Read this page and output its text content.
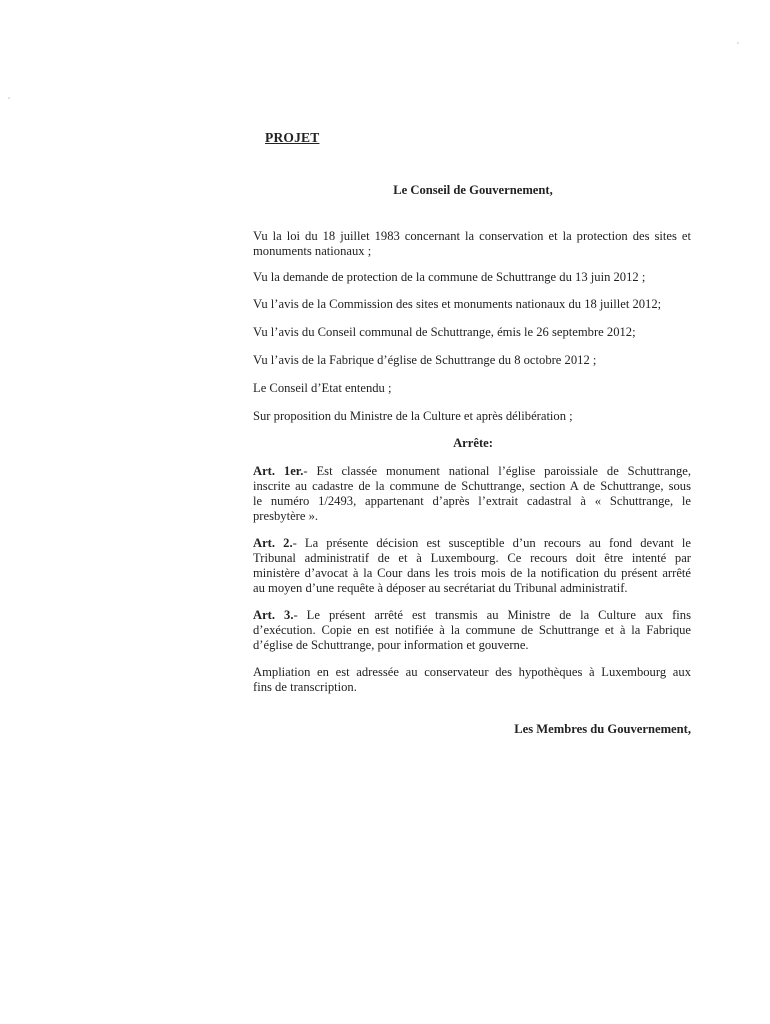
PROJET
Le Conseil de Gouvernement,
Vu la loi du 18 juillet 1983 concernant la conservation et la protection des sites et
monuments nationaux ;
Vu la demande de protection de la commune de Schuttrange du 13 juin 2012 ;
Vu l’avis de la Commission des sites et monuments nationaux du 18 juillet 2012;
Vu l’avis du Conseil communal de Schuttrange, émis le 26 septembre 2012;
Vu l’avis de la Fabrique d’église de Schuttrange du 8 octobre 2012 ;
Le Conseil d’Etat entendu ;
Sur proposition du Ministre de la Culture et après délibération ;
Arrête:
Art. 1er.- Est classée monument national l’église paroissiale de Schuttrange,
inscrite au cadastre de la commune de Schuttrange, section A de Schuttrange, sous
le numéro 1/2493, appartenant d’après l’extrait cadastral à « Schuttrange, le
presbytère ».
Art. 2.- La présente décision est susceptible d’un recours au fond devant le
Tribunal administratif de et à Luxembourg. Ce recours doit être intenté par
ministère d’avocat à la Cour dans les trois mois de la notification du présent arrêté
au moyen d’une requête à déposer au secrétariat du Tribunal administratif.
Art. 3.- Le présent arrêté est transmis au Ministre de la Culture aux fins
d’exécution. Copie en est notifiée à la commune de Schuttrange et à la Fabrique
d’église de Schuttrange, pour information et gouverne.
Ampliation en est adressée au conservateur des hypothèques à Luxembourg aux
fins de transcription.
Les Membres du Gouvernement,
